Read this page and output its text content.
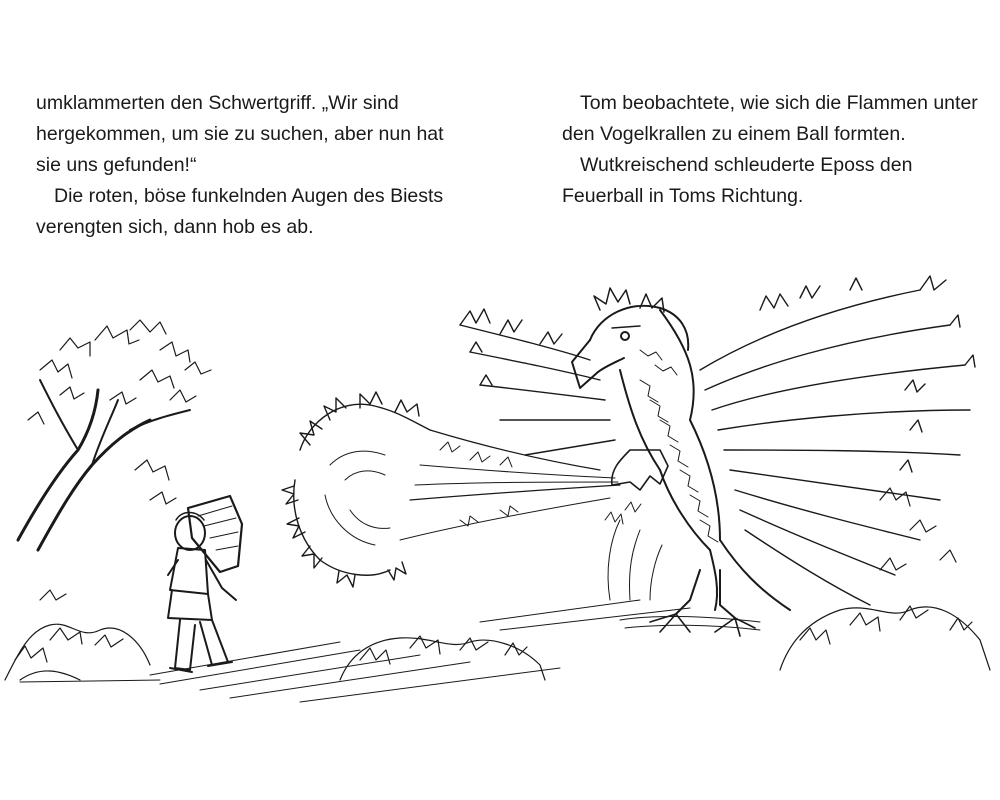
umklammerten den Schwertgriff. „Wir sind hergekommen, um sie zu suchen, aber nun hat sie uns gefunden!“

Die roten, böse funkelnden Augen des Biests verengten sich, dann hob es ab.

Tom beobachtete, wie sich die Flammen unter den Vogelkrallen zu einem Ball formten.

Wutkreischend schleuderte Eposs den Feuerball in Toms Richtung.
